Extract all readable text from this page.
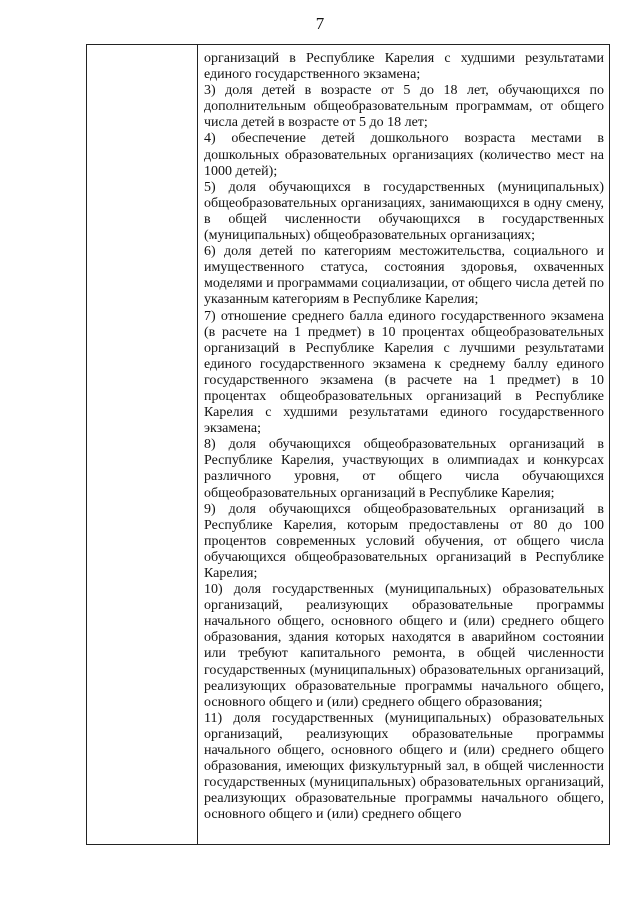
7

организаций в Республике Карелия с худшими результатами единого государственного экзамена;

3) доля детей в возрасте от 5 до 18 лет, обучающихся по дополнительным общеобразовательным программам, от общего числа детей в возрасте от 5 до 18 лет;

4) обеспечение детей дошкольного возраста местами в дошкольных образовательных организациях (количество мест на 1000 детей);

5) доля обучающихся в государственных (муниципальных) общеобразовательных организациях, занимающихся в одну смену, в общей численности обучающихся в государственных (муниципальных) общеобразовательных организациях;

6) доля детей по категориям местожительства, социального и имущественного статуса, состояния здоровья, охваченных моделями и программами социализации, от общего числа детей по указанным категориям в Республике Карелия;

7) отношение среднего балла единого государственного экзамена (в расчете на 1 предмет) в 10 процентах общеобразовательных организаций в Республике Карелия с лучшими результатами единого государственного экзамена к среднему баллу единого государственного экзамена (в расчете на 1 предмет) в 10 процентах общеобразовательных организаций в Республике Карелия с худшими результатами единого государственного экзамена;

8) доля обучающихся общеобразовательных организаций в Республике Карелия, участвующих в олимпиадах и конкурсах различного уровня, от общего числа обучающихся общеобразовательных организаций в Республике Карелия;

9) доля обучающихся общеобразовательных организаций в Республике Карелия, которым предоставлены от 80 до 100 процентов современных условий обучения, от общего числа обучающихся общеобразовательных организаций в Республике Карелия;

10) доля государственных (муниципальных) образовательных организаций, реализующих образовательные программы начального общего, основного общего и (или) среднего общего образования, здания которых находятся в аварийном состоянии или требуют капитального ремонта, в общей численности государственных (муниципальных) образовательных организаций, реализующих образовательные программы начального общего, основного общего и (или) среднего общего образования;

11) доля государственных (муниципальных) образовательных организаций, реализующих образовательные программы начального общего, основного общего и (или) среднего общего образования, имеющих физкультурный зал, в общей численности государственных (муниципальных) образовательных организаций, реализующих образовательные программы начального общего, основного общего и (или) среднего общего
